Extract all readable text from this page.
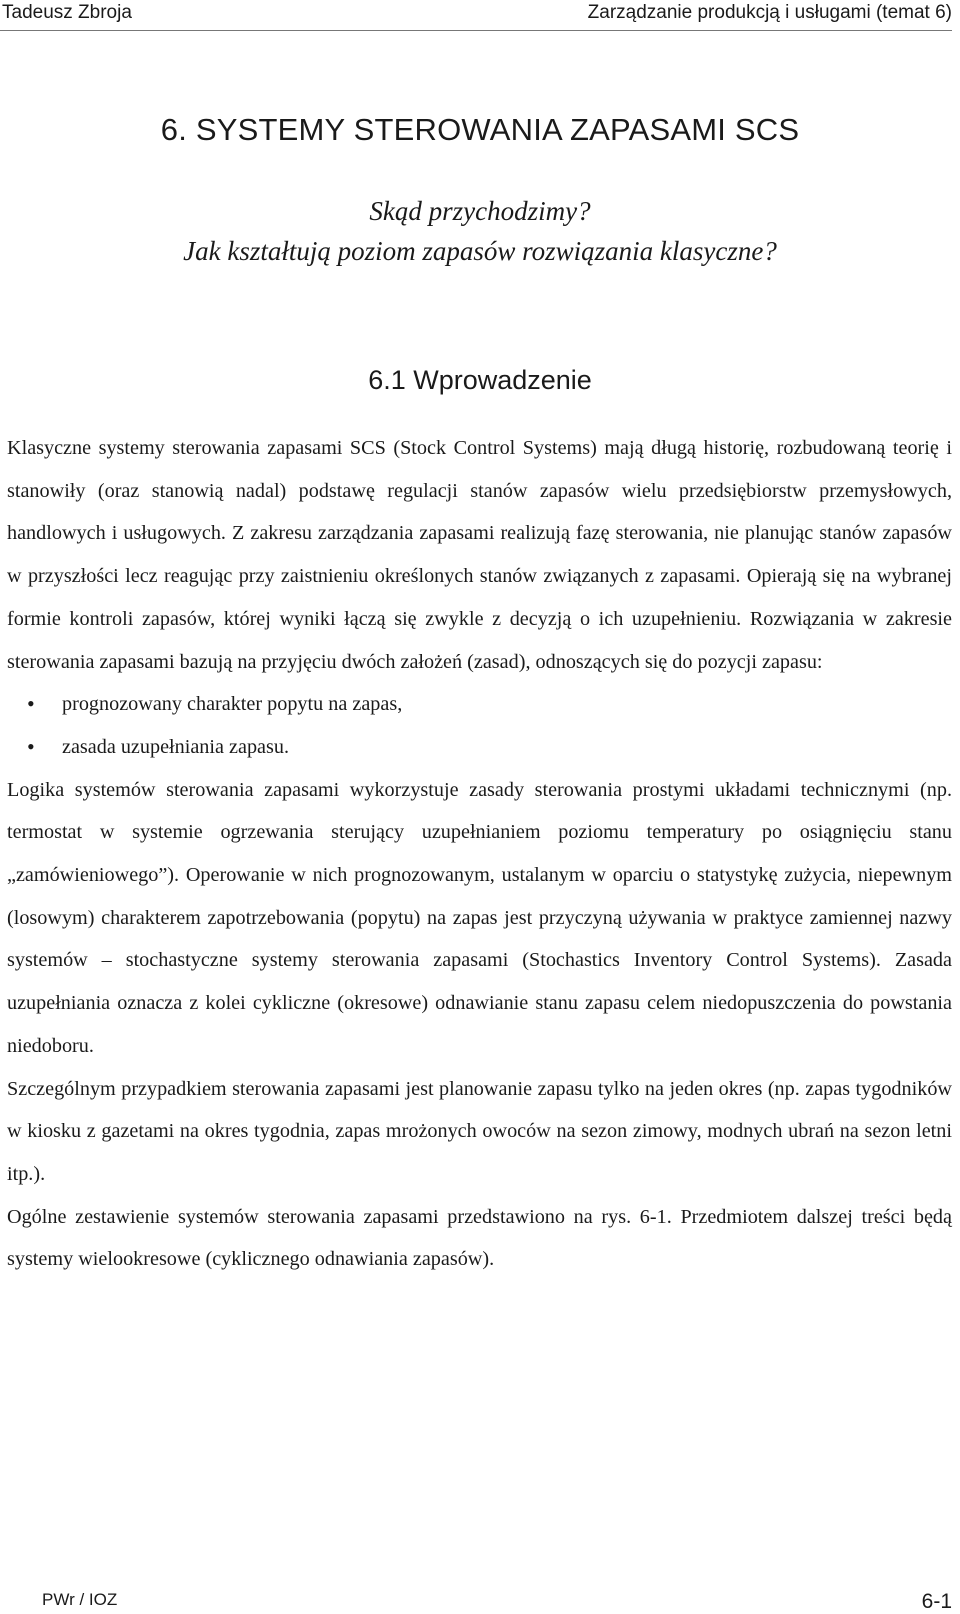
Tadeusz Zbroja	Zarządzanie produkcją i usługami (temat 6)
6. SYSTEMY STEROWANIA ZAPASAMI SCS
Skąd przychodzimy?
Jak kształtują poziom zapasów rozwiązania klasyczne?
6.1 Wprowadzenie

Klasyczne systemy sterowania zapasami SCS (Stock Control Systems) mają długą historię, rozbudowaną teorię i stanowiły (oraz stanowią nadal) podstawę regulacji stanów zapasów wielu przedsiębiorstw przemysłowych, handlowych i usługowych. Z zakresu zarządzania zapasami realizują fazę sterowania, nie planując stanów zapasów w przyszłości lecz reagując przy zaistnieniu określonych stanów związanych z zapasami. Opierają się na wybranej formie kontroli zapasów, której wyniki łączą się zwykle z decyzją o ich uzupełnieniu. Rozwiązania w zakresie sterowania zapasami bazują na przyjęciu dwóch założeń (zasad), odnoszących się do pozycji zapasu:

• prognozowany charakter popytu na zapas,
• zasada uzupełniania zapasu.

Logika systemów sterowania zapasami wykorzystuje zasady sterowania prostymi układami technicznymi (np. termostat w systemie ogrzewania sterujący uzupełnianiem poziomu temperatury po osiągnięciu stanu „zamówieniowego”). Operowanie w nich prognozowanym, ustalanym w oparciu o statystykę zużycia, niepewnym (losowym) charakterem zapotrzebowania (popytu) na zapas jest przyczyną używania w praktyce zamiennej nazwy systemów – stochastyczne systemy sterowania zapasami (Stochastics Inventory Control Systems). Zasada uzupełniania oznacza z kolei cykliczne (okresowe) odnawianie stanu zapasu celem niedopuszczenia do powstania niedoboru.

Szczególnym przypadkiem sterowania zapasami jest planowanie zapasu tylko na jeden okres (np. zapas tygodników w kiosku z gazetami na okres tygodnia, zapas mrożonych owoców na sezon zimowy, modnych ubrań na sezon letni itp.).

Ogólne zestawienie systemów sterowania zapasami przedstawiono na rys. 6-1. Przedmiotem dalszej treści będą systemy wielookresowe (cyklicznego odnawiania zapasów).

PWr / IOZ	6-1
